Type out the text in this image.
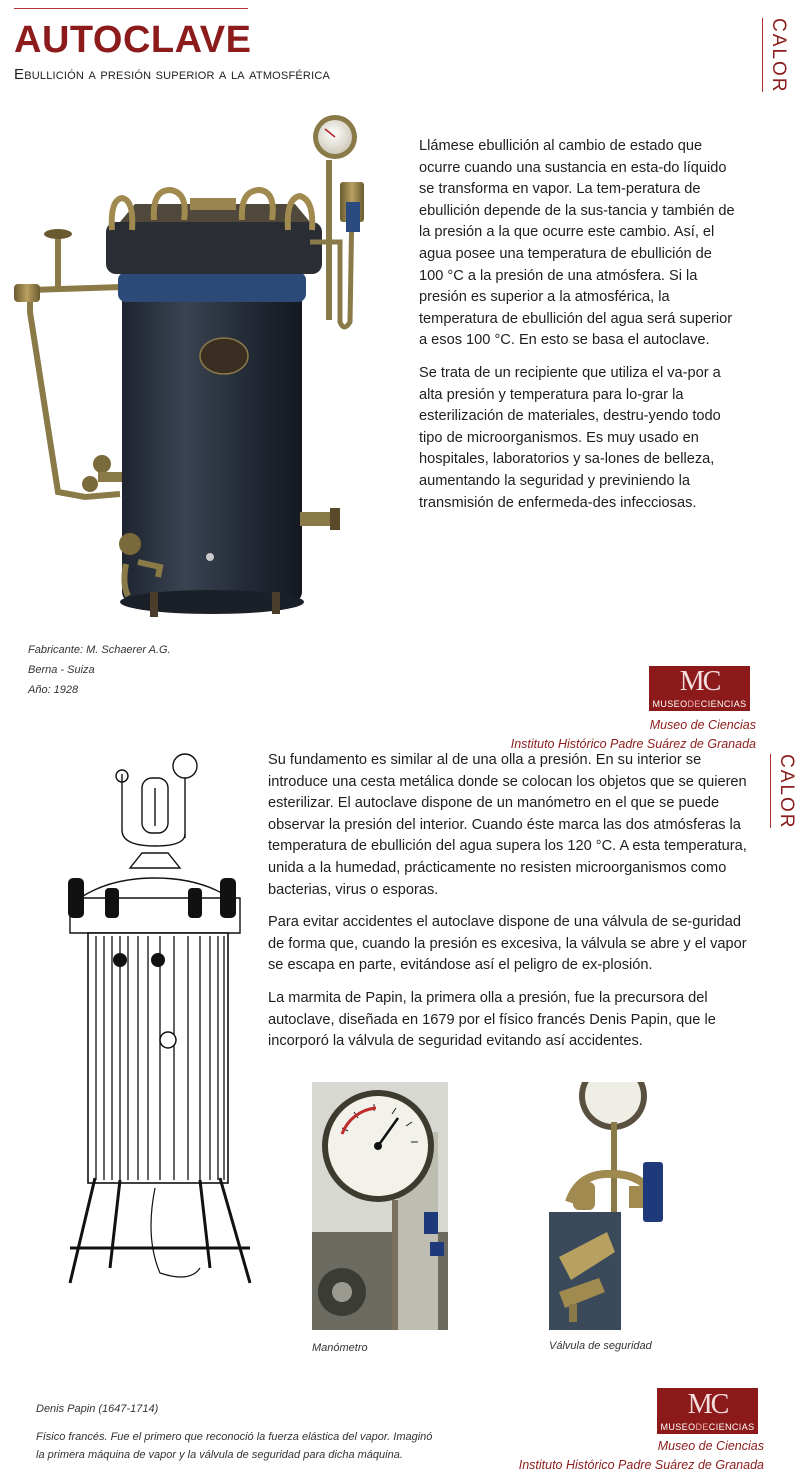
AUTOCLAVE

Ebullición a presión superior a la atmosférica	CALOR

Llámese ebullición al cambio de estado que ocurre cuando una sustancia en esta-do líquido se transforma en vapor. La tem-peratura de ebullición depende de la sus-tancia y también de la presión a la que ocurre este cambio. Así, el agua posee una temperatura de ebullición de 100 °C a la presión de una atmósfera. Si la presión es superior a la atmosférica, la temperatura de ebullición del agua será superior a esos 100 °C. En esto se basa el autoclave.

Se trata de un recipiente que utiliza el va-por a alta presión y temperatura para lo-grar la esterilización de materiales, destru-yendo todo tipo de microorganismos. Es muy usado en hospitales, laboratorios y sa-lones de belleza, aumentando la seguridad y previniendo la transmisión de enfermeda-des infecciosas.

Fabricante: M. Schaerer A.G.
Berna - Suiza
Año: 1928	MC
MUSEODECIENCIAS
Museo de Ciencias
Instituto Histórico Padre Suárez de Granada
CALOR

Su fundamento es similar al de una olla a presión. En su interior se introduce una cesta metálica donde se colocan los objetos que se quieren esterilizar. El autoclave dispone de un manómetro en el que se puede observar la presión del interior. Cuando éste marca las dos atmósferas la temperatura de ebullición del agua supera los 120 °C. A esta temperatura, unida a la humedad, prácticamente no resisten microorganismos como bacterias, virus o esporas.

Para evitar accidentes el autoclave dispone de una válvula de se-guridad de forma que, cuando la presión es excesiva, la válvula se abre y el vapor se escapa en parte, evitándose así el peligro de ex-plosión.

La marmita de Papin, la primera olla a presión, fue la precursora del autoclave, diseñada en 1679 por el físico francés Denis Papin, que le incorporó la válvula de seguridad evitando así accidentes.

Manómetro	Válvula de seguridad
Denis Papin (1647-1714)
Físico francés. Fue el primero que reconoció la fuerza elástica del vapor. Imaginó la primera máquina de vapor y la válvula de seguridad para dicha máquina.
MC
MUSEODECIENCIAS
Museo de Ciencias
Instituto Histórico Padre Suárez de Granada
